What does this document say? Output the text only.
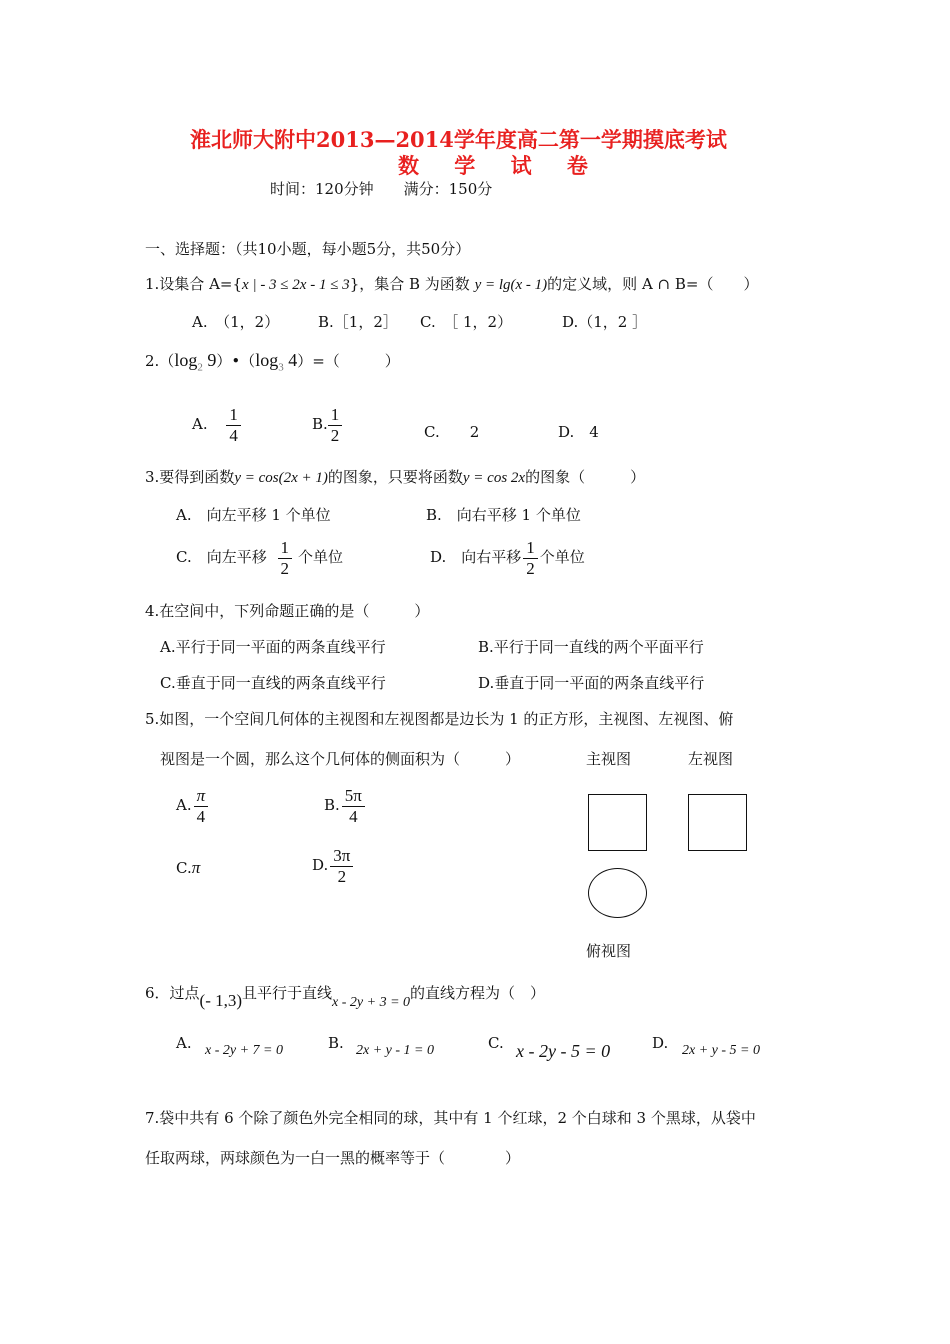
淮北师大附中2013—2014学年度高二第一学期摸底考试
数 学 试 卷
时间：120分钟　　满分：150分
一、选择题：（共10小题，每小题5分，共50分）
1.设集合 A={x | - 3 ≤ 2x - 1 ≤ 3}，集合 B 为函数 y = lg(x - 1)的定义域，则 A ∩ B=（　　）
A.　（1，2）	B.［1，2］ C.　［ 1，2）	D.（1，2 ］
$2.(\log_2$ $9)•(\log_3$ 4）=（　　　）
A. $\frac{1}{4}$	B. $\frac{1}{2}$	C.　　2	D.　4
3.要得到函数y = cos(2x + 1)的图象，只要将函数y = cos 2x的图象（　　　）
A.　向左平移 1 个单位	B.　向右平移 1 个单位
C.　向左平移 $\frac{1}{2}$ 个单位	D.　向右平移 $\frac{1}{2}$ 个单位
4.在空间中，下列命题正确的是（　　　）
A.平行于同一平面的两条直线平行	B.平行于同一直线的两个平面平行
C.垂直于同一直线的两条直线平行	D.垂直于同一平面的两条直线平行
5.如图，一个空间几何体的主视图和左视图都是边长为 1 的正方形，主视图、左视图、俯
视图是一个圆，那么这个几何体的侧面积为（　　　）
A. $\frac{\pi}{4}$	B. $\frac{5\pi}{4}$
C.π	D. $\frac{3\pi}{2}$
主视图	左视图
俯视图
6．过点(- 1,3)且平行于直线x - 2y + 3 = 0的直线方程为（　）
A. x - 2y + 7 = 0	B. 2x + y - 1 = 0	C. x - 2y - 5 = 0	D. 2x + y - 5 = 0
7.袋中共有 6 个除了颜色外完全相同的球，其中有 1 个红球，2 个白球和 3 个黑球，从袋中
任取两球，两球颜色为一白一黑的概率等于（　　　　）
